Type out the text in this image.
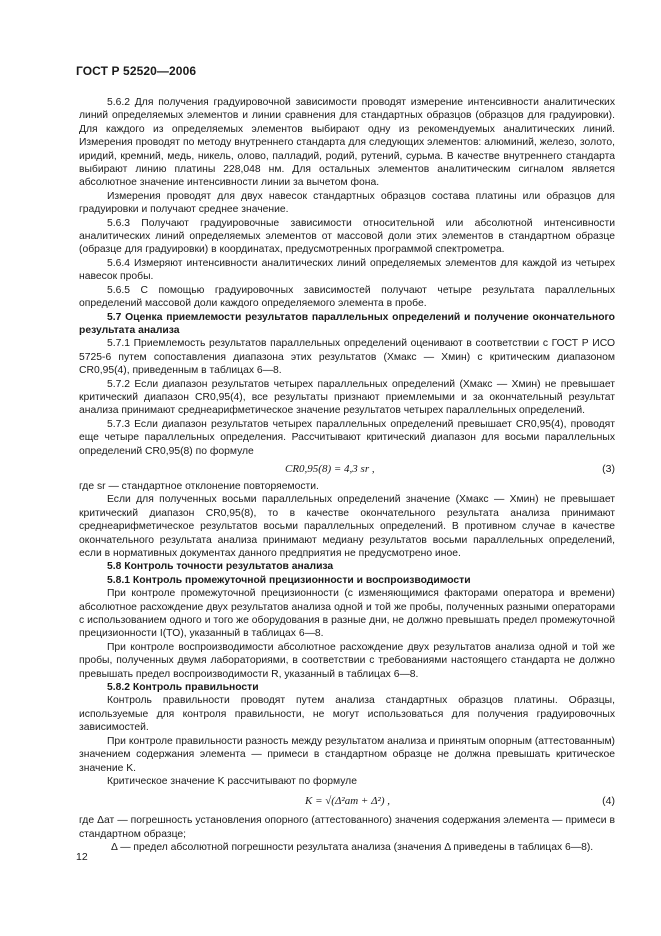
ГОСТ Р 52520—2006

5.6.2 Для получения градуировочной зависимости проводят измерение интенсивности аналитических линий определяемых элементов и линии сравнения для стандартных образцов (образцов для градуировки). Для каждого из определяемых элементов выбирают одну из рекомендуемых аналитических линий. Измерения проводят по методу внутреннего стандарта для следующих элементов: алюминий, железо, золото, иридий, кремний, медь, никель, олово, палладий, родий, рутений, сурьма. В качестве внутреннего стандарта выбирают линию платины 228,048 нм. Для остальных элементов аналитическим сигналом является абсолютное значение интенсивности линии за вычетом фона.

Измерения проводят для двух навесок стандартных образцов состава платины или образцов для градуировки и получают среднее значение.

5.6.3 Получают градуировочные зависимости относительной или абсолютной интенсивности аналитических линий определяемых элементов от массовой доли этих элементов в стандартном образце (образце для градуировки) в координатах, предусмотренных программой спектрометра.

5.6.4 Измеряют интенсивности аналитических линий определяемых элементов для каждой из четырех навесок пробы.

5.6.5 С помощью градуировочных зависимостей получают четыре результата параллельных определений массовой доли каждого определяемого элемента в пробе.

5.7 Оценка приемлемости результатов параллельных определений и получение окончательного результата анализа

5.7.1 Приемлемость результатов параллельных определений оценивают в соответствии с ГОСТ Р ИСО 5725-6 путем сопоставления диапазона этих результатов (Xмакс — Xмин) с критическим диапазоном CR0,95(4), приведенным в таблицах 6—8.

5.7.2 Если диапазон результатов четырех параллельных определений (Xмакс — Xмин) не превышает критический диапазон CR0,95(4), все результаты признают приемлемыми и за окончательный результат анализа принимают среднеарифметическое значение результатов четырех параллельных определений.

5.7.3 Если диапазон результатов четырех параллельных определений превышает CR0,95(4), проводят еще четыре параллельных определения. Рассчитывают критический диапазон для восьми параллельных определений CR0,95(8) по формуле

CR0,95(8) = 4,3 sr ,	(3)

где sr — стандартное отклонение повторяемости.

Если для полученных восьми параллельных определений значение (Xмакс — Xмин) не превышает критический диапазон CR0,95(8), то в качестве окончательного результата анализа принимают среднеарифметическое результатов восьми параллельных определений. В противном случае в качестве окончательного результата анализа принимают медиану результатов восьми параллельных определений, если в нормативных документах данного предприятия не предусмотрено иное.

5.8 Контроль точности результатов анализа

5.8.1 Контроль промежуточной прецизионности и воспроизводимости

При контроле промежуточной прецизионности (с изменяющимися факторами оператора и времени) абсолютное расхождение двух результатов анализа одной и той же пробы, полученных разными операторами с использованием одного и того же оборудования в разные дни, не должно превышать предел промежуточной прецизионности I(TO), указанный в таблицах 6—8.

При контроле воспроизводимости абсолютное расхождение двух результатов анализа одной и той же пробы, полученных двумя лабораториями, в соответствии с требованиями настоящего стандарта не должно превышать предел воспроизводимости R, указанный в таблицах 6—8.

5.8.2 Контроль правильности

Контроль правильности проводят путем анализа стандартных образцов платины. Образцы, используемые для контроля правильности, не могут использоваться для получения градуировочных зависимостей.

При контроле правильности разность между результатом анализа и принятым опорным (аттестованным) значением содержания элемента — примеси в стандартном образце не должна превышать критическое значение K.

Критическое значение K рассчитывают по формуле

K = √(Δ²ат + Δ²) ,	(4)

где Δат — погрешность установления опорного (аттестованного) значения содержания элемента — примеси в стандартном образце;

Δ — предел абсолютной погрешности результата анализа (значения Δ приведены в таблицах 6—8).

12
